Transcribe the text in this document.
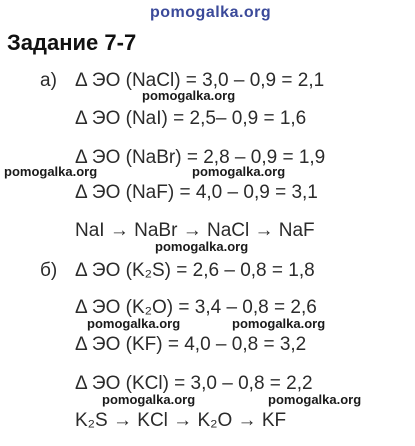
pomogalka.org
Задание 7-7
а) Δ ЭО (NaCl) = 3,0 – 0,9 = 2,1
pomogalka.org
Δ ЭО (NaI) = 2,5– 0,9 = 1,6
Δ ЭО (NaBr) = 2,8 – 0,9 = 1,9
pomogalka.org	pomogalka.org
Δ ЭО (NaF) = 4,0 – 0,9 = 3,1
NaI → NaBr → NaCl → NaF
pomogalka.org
б) Δ ЭО (K₂S) = 2,6 – 0,8 = 1,8
Δ ЭО (K₂O) = 3,4 – 0,8 = 2,6
pomogalka.org	pomogalka.org
Δ ЭО (KF) = 4,0 – 0,8 = 3,2
Δ ЭО (KCl) = 3,0 – 0,8 = 2,2
pomogalka.org	pomogalka.org
K₂S → KCl → K₂O → KF
